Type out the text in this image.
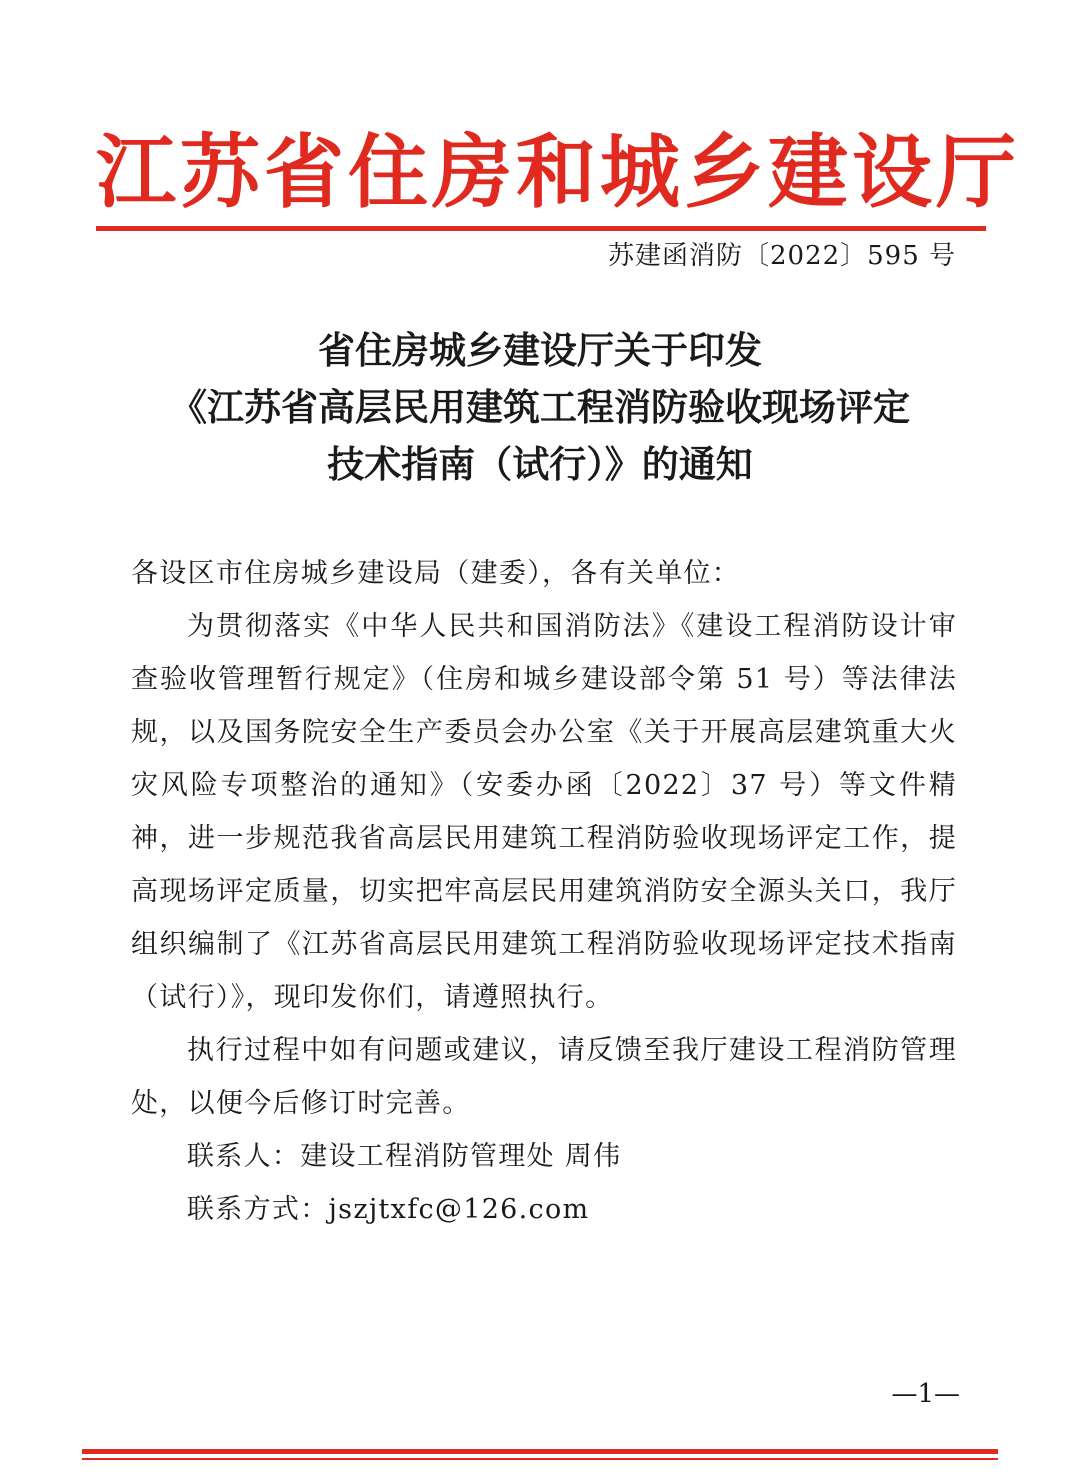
江苏省住房和城乡建设厅
苏建函消防〔2022〕595 号
省住房城乡建设厅关于印发
《江苏省高层民用建筑工程消防验收现场评定
技术指南（试行）》的通知

各设区市住房城乡建设局（建委），各有关单位：

为贯彻落实《中华人民共和国消防法》《建设工程消防设计审查验收管理暂行规定》（住房和城乡建设部令第 51 号）等法律法规，以及国务院安全生产委员会办公室《关于开展高层建筑重大火灾风险专项整治的通知》（安委办函〔2022〕37 号）等文件精神，进一步规范我省高层民用建筑工程消防验收现场评定工作，提高现场评定质量，切实把牢高层民用建筑消防安全源头关口，我厅组织编制了《江苏省高层民用建筑工程消防验收现场评定技术指南（试行）》，现印发你们，请遵照执行。

执行过程中如有问题或建议，请反馈至我厅建设工程消防管理处，以便今后修订时完善。

联系人：建设工程消防管理处 周伟

联系方式：jszjtxfc@126.com

—1—
